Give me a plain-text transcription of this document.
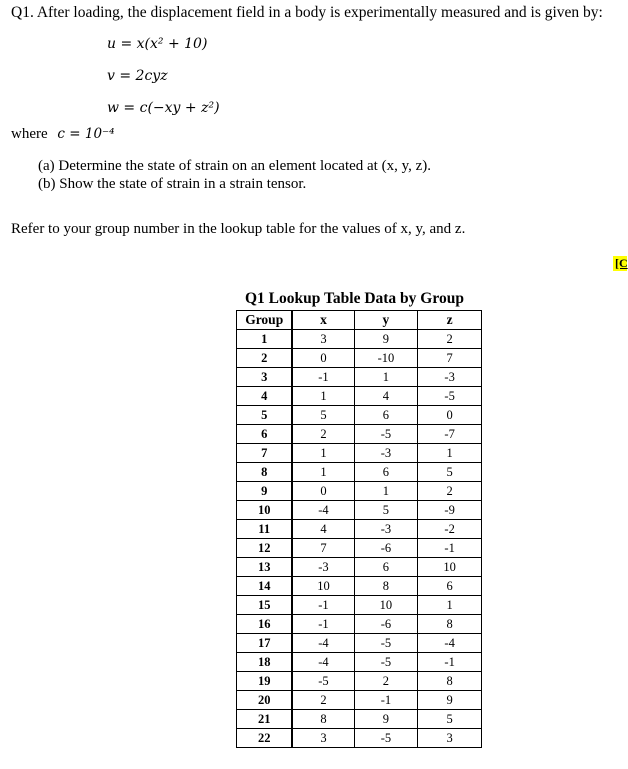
Q1. After loading, the displacement field in a body is experimentally measured and is given by:
u = x(x² + 10)
v = 2cyz
w = c(−xy + z²)
where c = 10⁻⁴
(a) Determine the state of strain on an element located at (x, y, z).
(b) Show the state of strain in a strain tensor.
Refer to your group number in the lookup table for the values of x, y, and z.
[C
Q1 Lookup Table Data by Group
Group	x	y	z
1	3	9	2
2	0	-10	7
3	-1	1	-3
4	1	4	-5
5	5	6	0
6	2	-5	-7
7	1	-3	1
8	1	6	5
9	0	1	2
10	-4	5	-9
11	4	-3	-2
12	7	-6	-1
13	-3	6	10
14	10	8	6
15	-1	10	1
16	-1	-6	8
17	-4	-5	-4
18	-4	-5	-1
19	-5	2	8
20	2	-1	9
21	8	9	5
22	3	-5	3
